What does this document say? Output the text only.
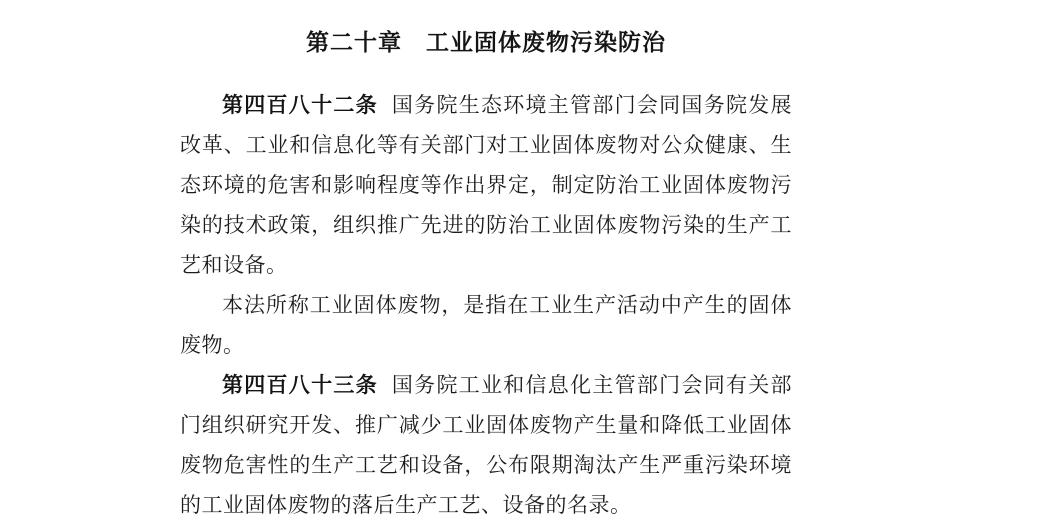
第二十章　工业固体废物污染防治

第四百八十二条 国务院生态环境主管部门会同国务院发展改革、工业和信息化等有关部门对工业固体废物对公众健康、生态环境的危害和影响程度等作出界定，制定防治工业固体废物污染的技术政策，组织推广先进的防治工业固体废物污染的生产工艺和设备。

本法所称工业固体废物，是指在工业生产活动中产生的固体废物。

第四百八十三条 国务院工业和信息化主管部门会同有关部门组织研究开发、推广减少工业固体废物产生量和降低工业固体废物危害性的生产工艺和设备，公布限期淘汰产生严重污染环境的工业固体废物的落后生产工艺、设备的名录。
